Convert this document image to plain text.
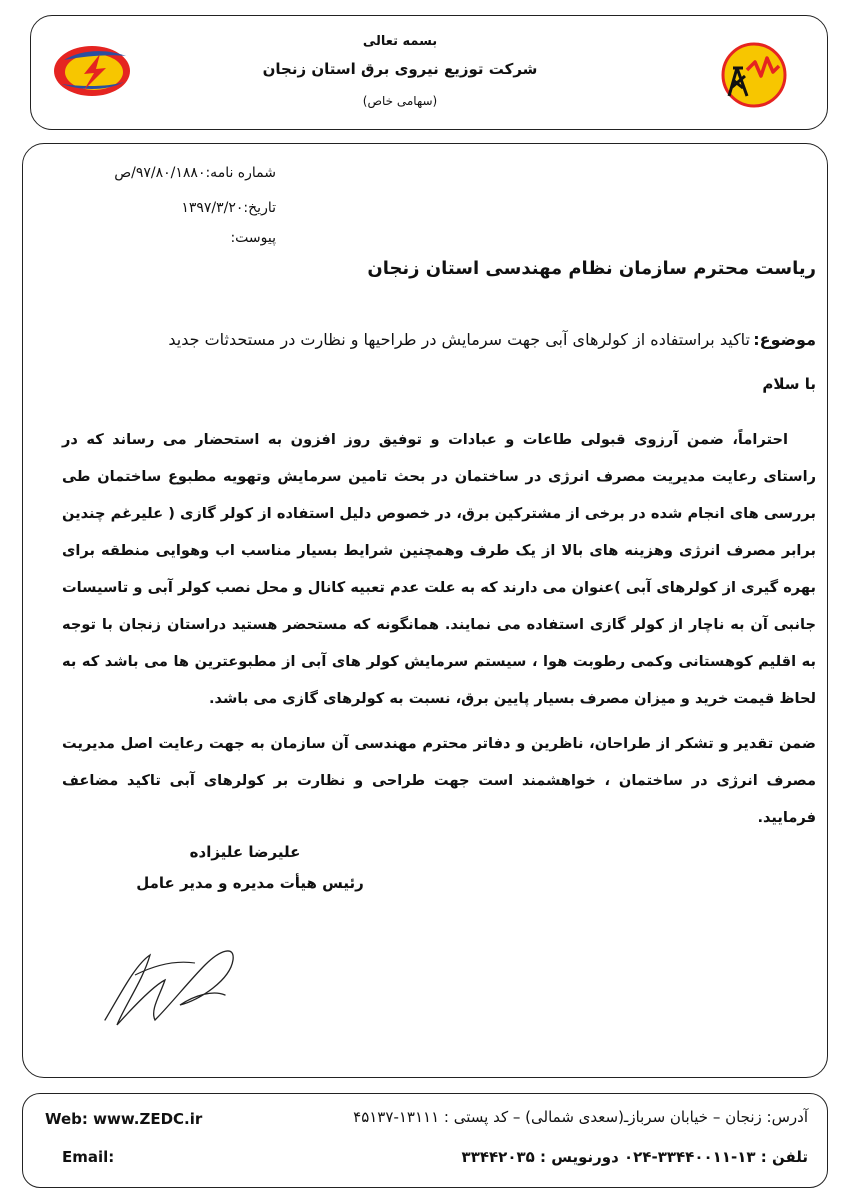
بسمه تعالی
شرکت توزیع نیروی برق استان زنجان
(سهامی خاص)
شماره نامه:۹۷/۸۰/۱۸۸۰/ص
تاریخ:۱۳۹۷/۳/۲۰
پیوست:
ریاست محترم سازمان نظام مهندسی استان زنجان
موضوع:
تاکید براستفاده از کولرهای آبی جهت سرمایش در طراحیها و نظارت در مستحدثات جدید
با سلام
احتراماً، ضمن آرزوی قبولی طاعات و عبادات و توفیق روز افزون به استحضار می رساند که در راستای رعایت مدیریت مصرف انرژی در ساختمان در بحث تامین سرمایش وتهویه مطبوع ساختمان طی بررسی های انجام شده در برخی از مشترکین برق، در خصوص دلیل استفاده از کولر گازی ( علیرغم چندین برابر مصرف انرژی وهزینه های بالا از یک طرف وهمچنین شرایط بسیار مناسب اب وهوایی منطقه برای بهره گیری از کولرهای آبی )عنوان می دارند که به علت عدم تعبیه کانال و محل نصب کولر آبی و تاسیسات جانبی آن به ناچار از کولر گازی استفاده می نمایند. همانگونه که مستحضر هستید دراستان زنجان با توجه به اقلیم کوهستانی وکمی رطوبت هوا ، سیستم سرمایش کولر های آبی از مطبوعترین ها می باشد که به لحاظ قیمت خرید و میزان مصرف بسیار پایین برق، نسبت به کولرهای گازی می باشد.
ضمن تقدیر و تشکر از طراحان، ناظرین و دفاتر محترم مهندسی آن سازمان به جهت رعایت اصل مدیریت مصرف انرژی در ساختمان ، خواهشمند است جهت طراحی و نظارت بر کولرهای آبی تاکید مضاعف فرمایید.
علیرضا علیزاده
رئیس هیأت مدیره و مدیر عامل
Web: www.ZEDC.ir
Email:
آدرس: زنجان – خیابان سربازـ(سعدی شمالی) – کد پستی : ۱۳۱۱۱-۴۵۱۳۷
تلفن : ۱۳-۳۳۴۴۰۰۱۱-۰۲۴ دورنویس : ۳۳۴۴۲۰۳۵
